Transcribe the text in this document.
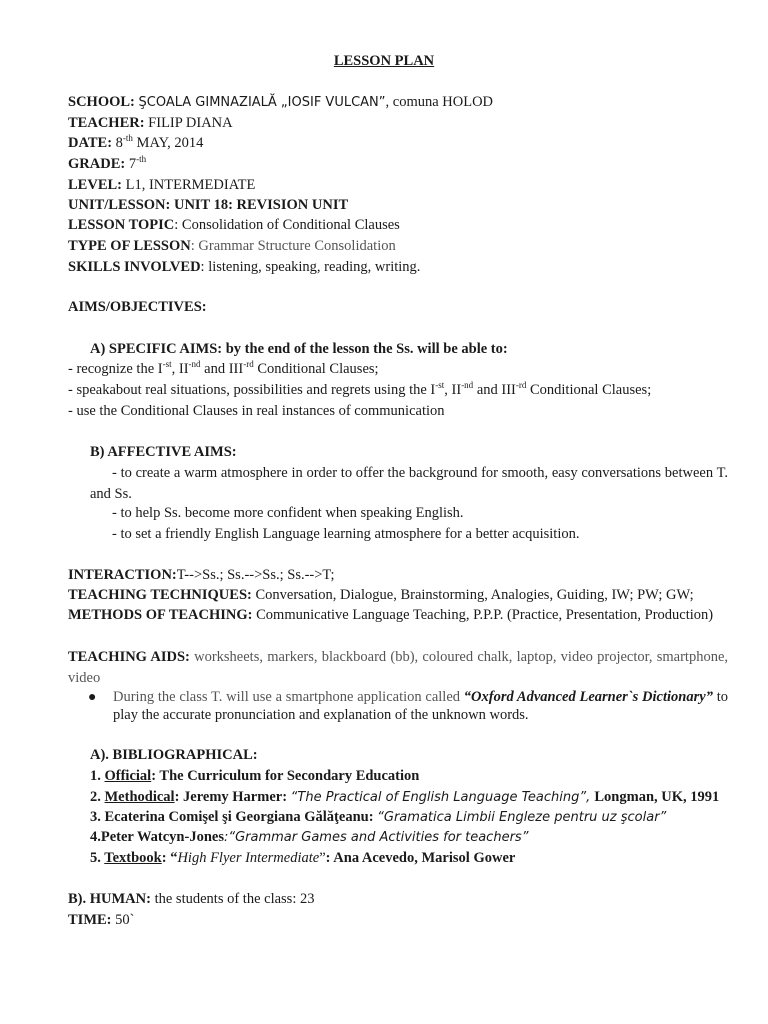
LESSON PLAN
SCHOOL: ŞCOALA GIMNAZIALĂ „IOSIF VULCAN”, comuna HOLOD
TEACHER: FILIP DIANA
DATE: $8^{-th}$ MAY, 2014
GRADE: $7^{-th}$
LEVEL: L1, INTERMEDIATE
UNIT/LESSON: UNIT 18: REVISION UNIT
LESSON TOPIC: Consolidation of Conditional Clauses
TYPE OF LESSON: Grammar Structure Consolidation
SKILLS INVOLVED: listening, speaking, reading, writing.
AIMS/OBJECTIVES:
A) SPECIFIC AIMS: by the end of the lesson the Ss. will be able to:
- recognize the $I^{-st}$, $II^{-nd}$ and $III^{-rd}$ Conditional Clauses;
- speakabout real situations, possibilities and regrets using the $I^{-st}$, $II^{-nd}$ and $III^{-rd}$ Conditional Clauses;
- use the Conditional Clauses in real instances of communication
B) AFFECTIVE AIMS:
- to create a warm atmosphere in order to offer the background for smooth, easy conversations between T. and Ss.
- to help Ss. become more confident when speaking English.
- to set a friendly English Language learning atmosphere for a better acquisition.
INTERACTION:T-->Ss.; Ss.-->Ss.; Ss.-->T;
TEACHING TECHNIQUES: Conversation, Dialogue, Brainstorming, Analogies, Guiding, IW; PW; GW;
METHODS OF TEACHING: Communicative Language Teaching, P.P.P. (Practice, Presentation, Production)
TEACHING AIDS: worksheets, markers, blackboard (bb), coloured chalk, laptop, video projector, smartphone, video
● During the class T. will use a smartphone application called “Oxford Advanced Learner`s Dictionary” to play the accurate pronunciation and explanation of the unknown words.
A). BIBLIOGRAPHICAL:
1. Official: The Curriculum for Secondary Education
2. Methodical: Jeremy Harmer: “The Practical of English Language Teaching”, Longman, UK, 1991
3. Ecaterina Comişel şi Georgiana Gălăţeanu: “Gramatica Limbii Engleze pentru uz şcolar”
4.Peter Watcyn-Jones:“Grammar Games and Activities for teachers”
5. Textbook: “High Flyer Intermediate”: Ana Acevedo, Marisol Gower
B). HUMAN: the students of the class: 23
TIME: 50`
